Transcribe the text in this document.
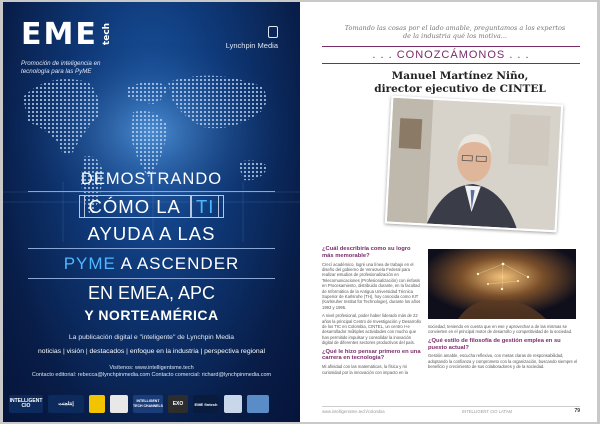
EME tech
Promoción de inteligencia en tecnología para las PyME

Lynchpin Media
DEMOSTRANDO
CÓMO LA TI
AYUDA A LAS
PYME A ASCENDER
EN EMEA, APC
Y NORTEAMÉRICA
La publicación digital e "inteligente" de Lynchpin Media
noticias | visión | destacados | enfoque en la industria | perspectiva regional
Visítenos: www.intelligentsme.tech
Contacto editorial: rebecca@lynchpinmedia.com Contacto comercial: richard@lynchpinmedia.com
INTELLIGENT CIO	إنتلجنت	INTELLIGENT TECH CHANNELS	EXO	EME fintech
Tomando las cosas por el lado amable, preguntamos a los expertos de la industria qué los motiva...
. . . CONOZCÁMONOS . . .
Manuel Martínez Niño,
director ejecutivo de CINTEL
¿Cuál describiría como su logro más memorable?

Crecí académico, logré una línea de trabajo en el diseño del gobierno de Venezuela Federal para realizar estudios de profesionalización en Telecomunicaciones (Profesionalización) con énfasis en Procesamiento, distribuido durante, en la facultad de Informática de la Antigua Universidad Técnica Superior de Karlsruhe (TH), hoy conocida como KIT (Karlsruher Institut für Technologie), durante los años 1993 y 1995.

A nivel profesional, poder haber liderado más de 22 años la principal Centro de Investigación y Desarrollo de los TIC en Colombia, CINTEL, un centro I+e desarrollador múltiples actividades con mucho que han permitido impulsar y consolidar la inovación digital de diferentes sectores productivos del país.

¿Qué le hizo pensar primero en una carrera en tecnología?

Mi afinidad con las matemáticas, la física y mi curiosidad por la innovación con impacto en la

sociedad, teniendo en cuenta que en ese y aprovechar a de las mismas se convierten en el principal motor de desarrollo y competitividad de la sociedad.

¿Qué estilo de filosofía de gestión emplea en su puesto actual?

Gestión amable, escucha reflexiva, con metas claras de responsabilidad, adoptando la confianza y comprometo con la organización, buscando siempre el beneficio y crecimiento de sus colaboradores y de la sociedad.

www.intelligentsme.tech/colombia	INTELLIGENT CIO LATAM	79
